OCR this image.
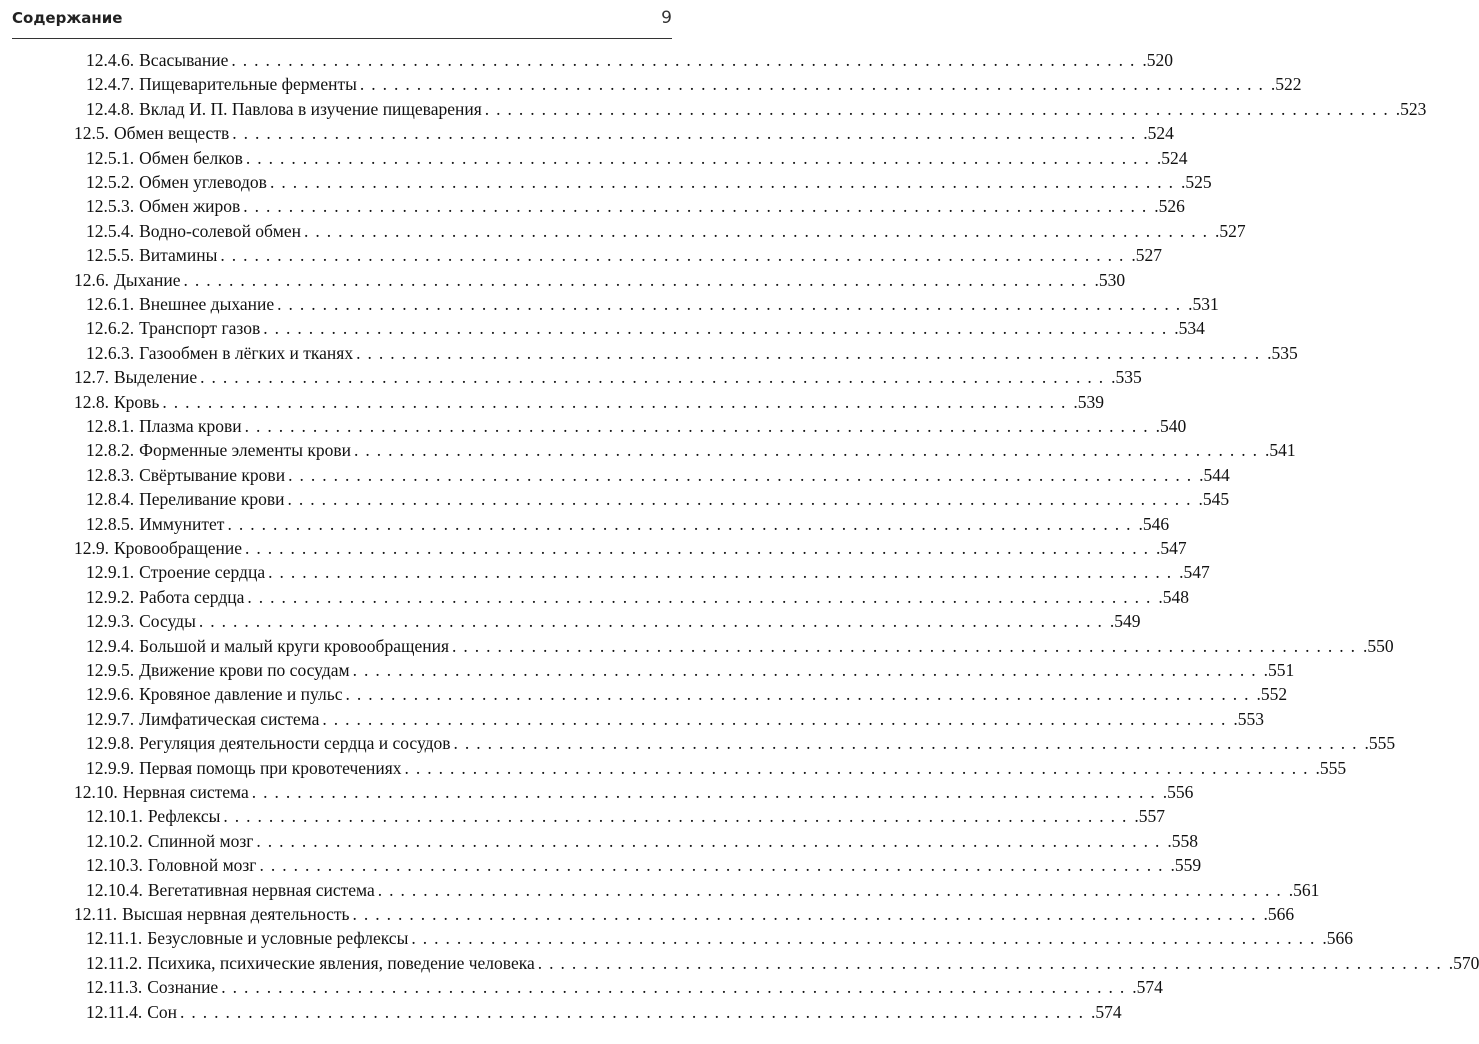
Содержание	9
12.4.6. Всасывание ................................................................................ .520
12.4.7. Пищеварительные ферменты ................................................................................ .522
12.4.8. Вклад И. П. Павлова в изучение пищеварения ................................................................................ .523
12.5. Обмен веществ ................................................................................ .524
12.5.1. Обмен белков ................................................................................ .524
12.5.2. Обмен углеводов ................................................................................ .525
12.5.3. Обмен жиров ................................................................................ .526
12.5.4. Водно-солевой обмен ................................................................................ .527
12.5.5. Витамины ................................................................................ .527
12.6. Дыхание ................................................................................ .530
12.6.1. Внешнее дыхание ................................................................................ .531
12.6.2. Транспорт газов ................................................................................ .534
12.6.3. Газообмен в лёгких и тканях ................................................................................ .535
12.7. Выделение ................................................................................ .535
12.8. Кровь ................................................................................ .539
12.8.1. Плазма крови ................................................................................ .540
12.8.2. Форменные элементы крови ................................................................................ .541
12.8.3. Свёртывание крови ................................................................................ .544
12.8.4. Переливание крови ................................................................................ .545
12.8.5. Иммунитет ................................................................................ .546
12.9. Кровообращение ................................................................................ .547
12.9.1. Строение сердца ................................................................................ .547
12.9.2. Работа сердца ................................................................................ .548
12.9.3. Сосуды ................................................................................ .549
12.9.4. Большой и малый круги кровообращения ................................................................................ .550
12.9.5. Движение крови по сосудам ................................................................................ .551
12.9.6. Кровяное давление и пульс ................................................................................ .552
12.9.7. Лимфатическая система ................................................................................ .553
12.9.8. Регуляция деятельности сердца и сосудов ................................................................................ .555
12.9.9. Первая помощь при кровотечениях ................................................................................ .555
12.10. Нервная система ................................................................................ .556
12.10.1. Рефлексы ................................................................................ .557
12.10.2. Спинной мозг ................................................................................ .558
12.10.3. Головной мозг ................................................................................ .559
12.10.4. Вегетативная нервная система ................................................................................ .561
12.11. Высшая нервная деятельность ................................................................................ .566
12.11.1. Безусловные и условные рефлексы ................................................................................ .566
12.11.2. Психика, психические явления, поведение человека ................................................................................ .570
12.11.3. Сознание ................................................................................ .574
12.11.4. Сон ................................................................................ .574
